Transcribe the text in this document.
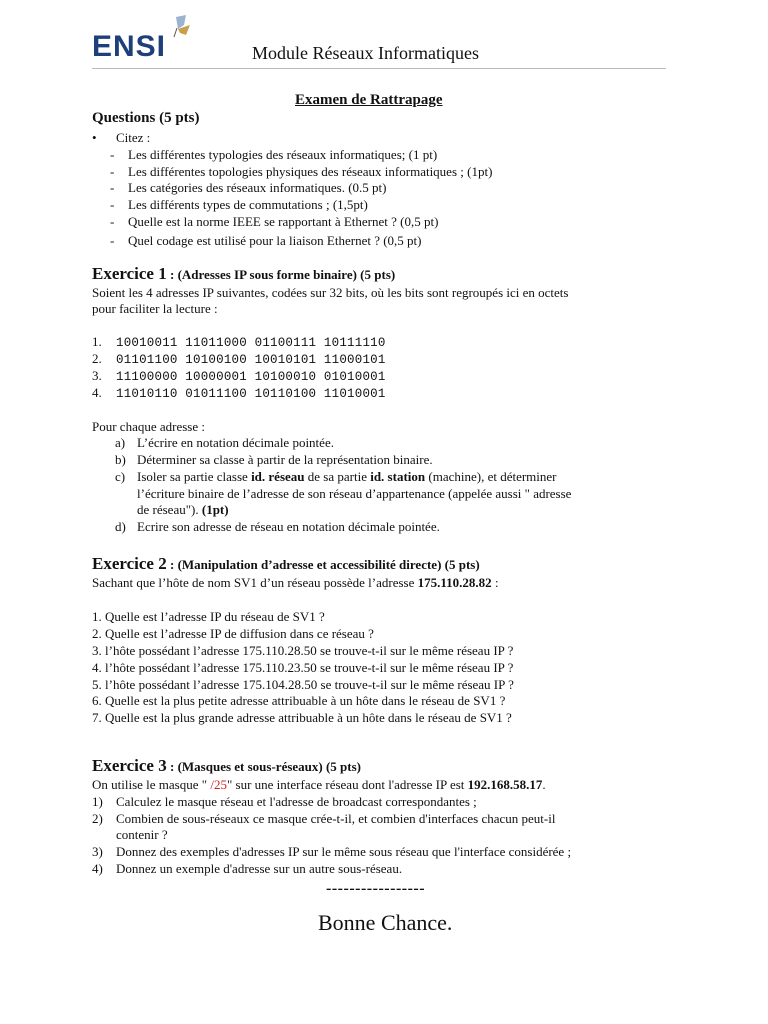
ENSI	Module Réseaux Informatiques
Examen de Rattrapage
Questions (5 pts)
• Citez :
- Les différentes typologies des réseaux informatiques; (1 pt)
- Les différentes topologies physiques des réseaux informatiques ; (1pt)
- Les catégories des réseaux informatiques. (0.5 pt)
- Les différents types de commutations ; (1,5pt)
- Quelle est la norme IEEE se rapportant à Ethernet ? (0,5 pt)
- Quel codage est utilisé pour la liaison Ethernet ? (0,5 pt)
Exercice 1 : (Adresses IP sous forme binaire) (5 pts)
Soient les 4 adresses IP suivantes, codées sur 32 bits, où les bits sont regroupés ici en octets
pour faciliter la lecture :
1. 10010011 11011000 01100111 10111110
2. 01101100 10100100 10010101 11000101
3. 11100000 10000001 10100010 01010001
4. 11010110 01011100 10110100 11010001
Pour chaque adresse :
a) L’écrire en notation décimale pointée.
b) Déterminer sa classe à partir de la représentation binaire.
c) Isoler sa partie classe id. réseau de sa partie id. station (machine), et déterminer
l’écriture binaire de l’adresse de son réseau d’appartenance (appelée aussi " adresse
de réseau"). (1pt)
d) Ecrire son adresse de réseau en notation décimale pointée.
Exercice 2 : (Manipulation d’adresse et accessibilité directe) (5 pts)
Sachant que l’hôte de nom SV1 d’un réseau possède l’adresse 175.110.28.82 :
1. Quelle est l’adresse IP du réseau de SV1 ?
2. Quelle est l’adresse IP de diffusion dans ce réseau ?
3. l’hôte possédant l’adresse 175.110.28.50 se trouve-t-il sur le même réseau IP ?
4. l’hôte possédant l’adresse 175.110.23.50 se trouve-t-il sur le même réseau IP ?
5. l’hôte possédant l’adresse 175.104.28.50 se trouve-t-il sur le même réseau IP ?
6. Quelle est la plus petite adresse attribuable à un hôte dans le réseau de SV1 ?
7. Quelle est la plus grande adresse attribuable à un hôte dans le réseau de SV1 ?
Exercice 3 : (Masques et sous-réseaux) (5 pts)
On utilise le masque " /25" sur une interface réseau dont l'adresse IP est 192.168.58.17.
1) Calculez le masque réseau et l'adresse de broadcast correspondantes ;
2) Combien de sous-réseaux ce masque crée-t-il, et combien d'interfaces chacun peut-il
contenir ?
3) Donnez des exemples d'adresses IP sur le même sous réseau que l'interface considérée ;
4) Donnez un exemple d'adresse sur un autre sous-réseau.
-----------------
Bonne Chance.
